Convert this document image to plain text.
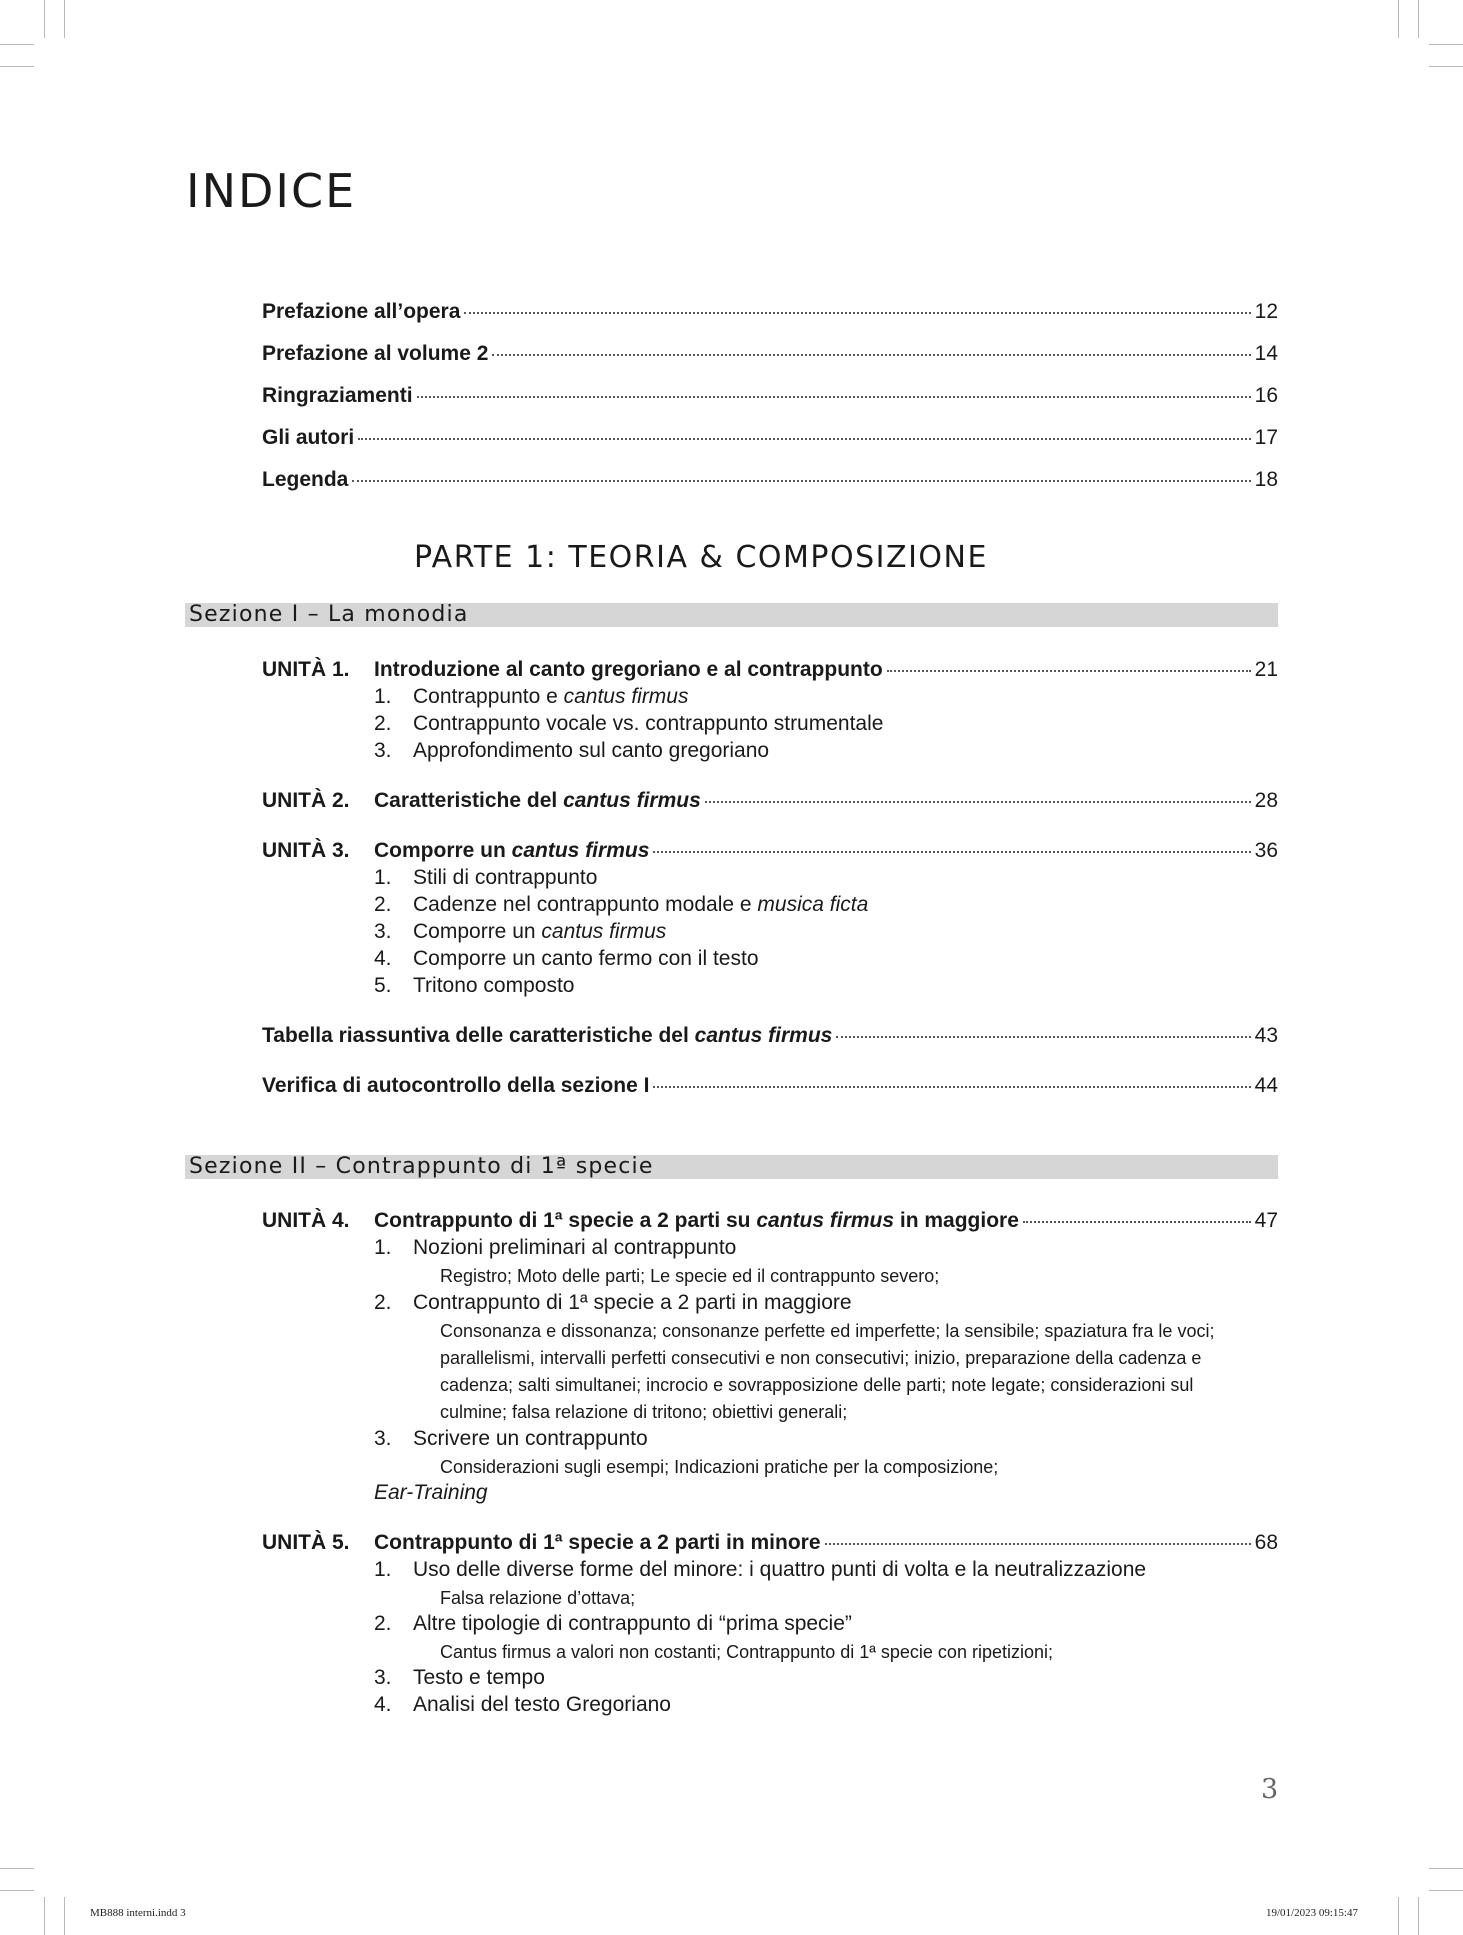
INDICE
Prefazione all’opera	12
Prefazione al volume 2	14
Ringraziamenti	16
Gli autori	17
Legenda	18
PARTE 1: TEORIA & COMPOSIZIONE
Sezione I – La monodia
UNITÀ 1. Introduzione al canto gregoriano e al contrappunto	21
1. Contrappunto e cantus firmus
2. Contrappunto vocale vs. contrappunto strumentale
3. Approfondimento sul canto gregoriano
UNITÀ 2. Caratteristiche del cantus firmus	28
UNITÀ 3. Comporre un cantus firmus	36
1. Stili di contrappunto
2. Cadenze nel contrappunto modale e musica ficta
3. Comporre un cantus firmus
4. Comporre un canto fermo con il testo
5. Tritono composto
Tabella riassuntiva delle caratteristiche del cantus firmus	43
Verifica di autocontrollo della sezione I	44
Sezione II – Contrappunto di 1ª specie
UNITÀ 4. Contrappunto di 1ª specie a 2 parti su cantus firmus in maggiore	47
1. Nozioni preliminari al contrappunto
Registro; Moto delle parti; Le specie ed il contrappunto severo;
2. Contrappunto di 1ª specie a 2 parti in maggiore
Consonanza e dissonanza; consonanze perfette ed imperfette; la sensibile; spaziatura fra le voci; parallelismi, intervalli perfetti consecutivi e non consecutivi; inizio, preparazione della cadenza e cadenza; salti simultanei; incrocio e sovrapposizione delle parti; note legate; considerazioni sul culmine; falsa relazione di tritono; obiettivi generali;
3. Scrivere un contrappunto
Considerazioni sugli esempi; Indicazioni pratiche per la composizione;
Ear-Training
UNITÀ 5. Contrappunto di 1ª specie a 2 parti in minore	68
1. Uso delle diverse forme del minore: i quattro punti di volta e la neutralizzazione
Falsa relazione d’ottava;
2. Altre tipologie di contrappunto di “prima specie”
Cantus firmus a valori non costanti; Contrappunto di 1ª specie con ripetizioni;
3. Testo e tempo
4. Analisi del testo Gregoriano
3
MB888 interni.indd 3	19/01/2023 09:15:47
